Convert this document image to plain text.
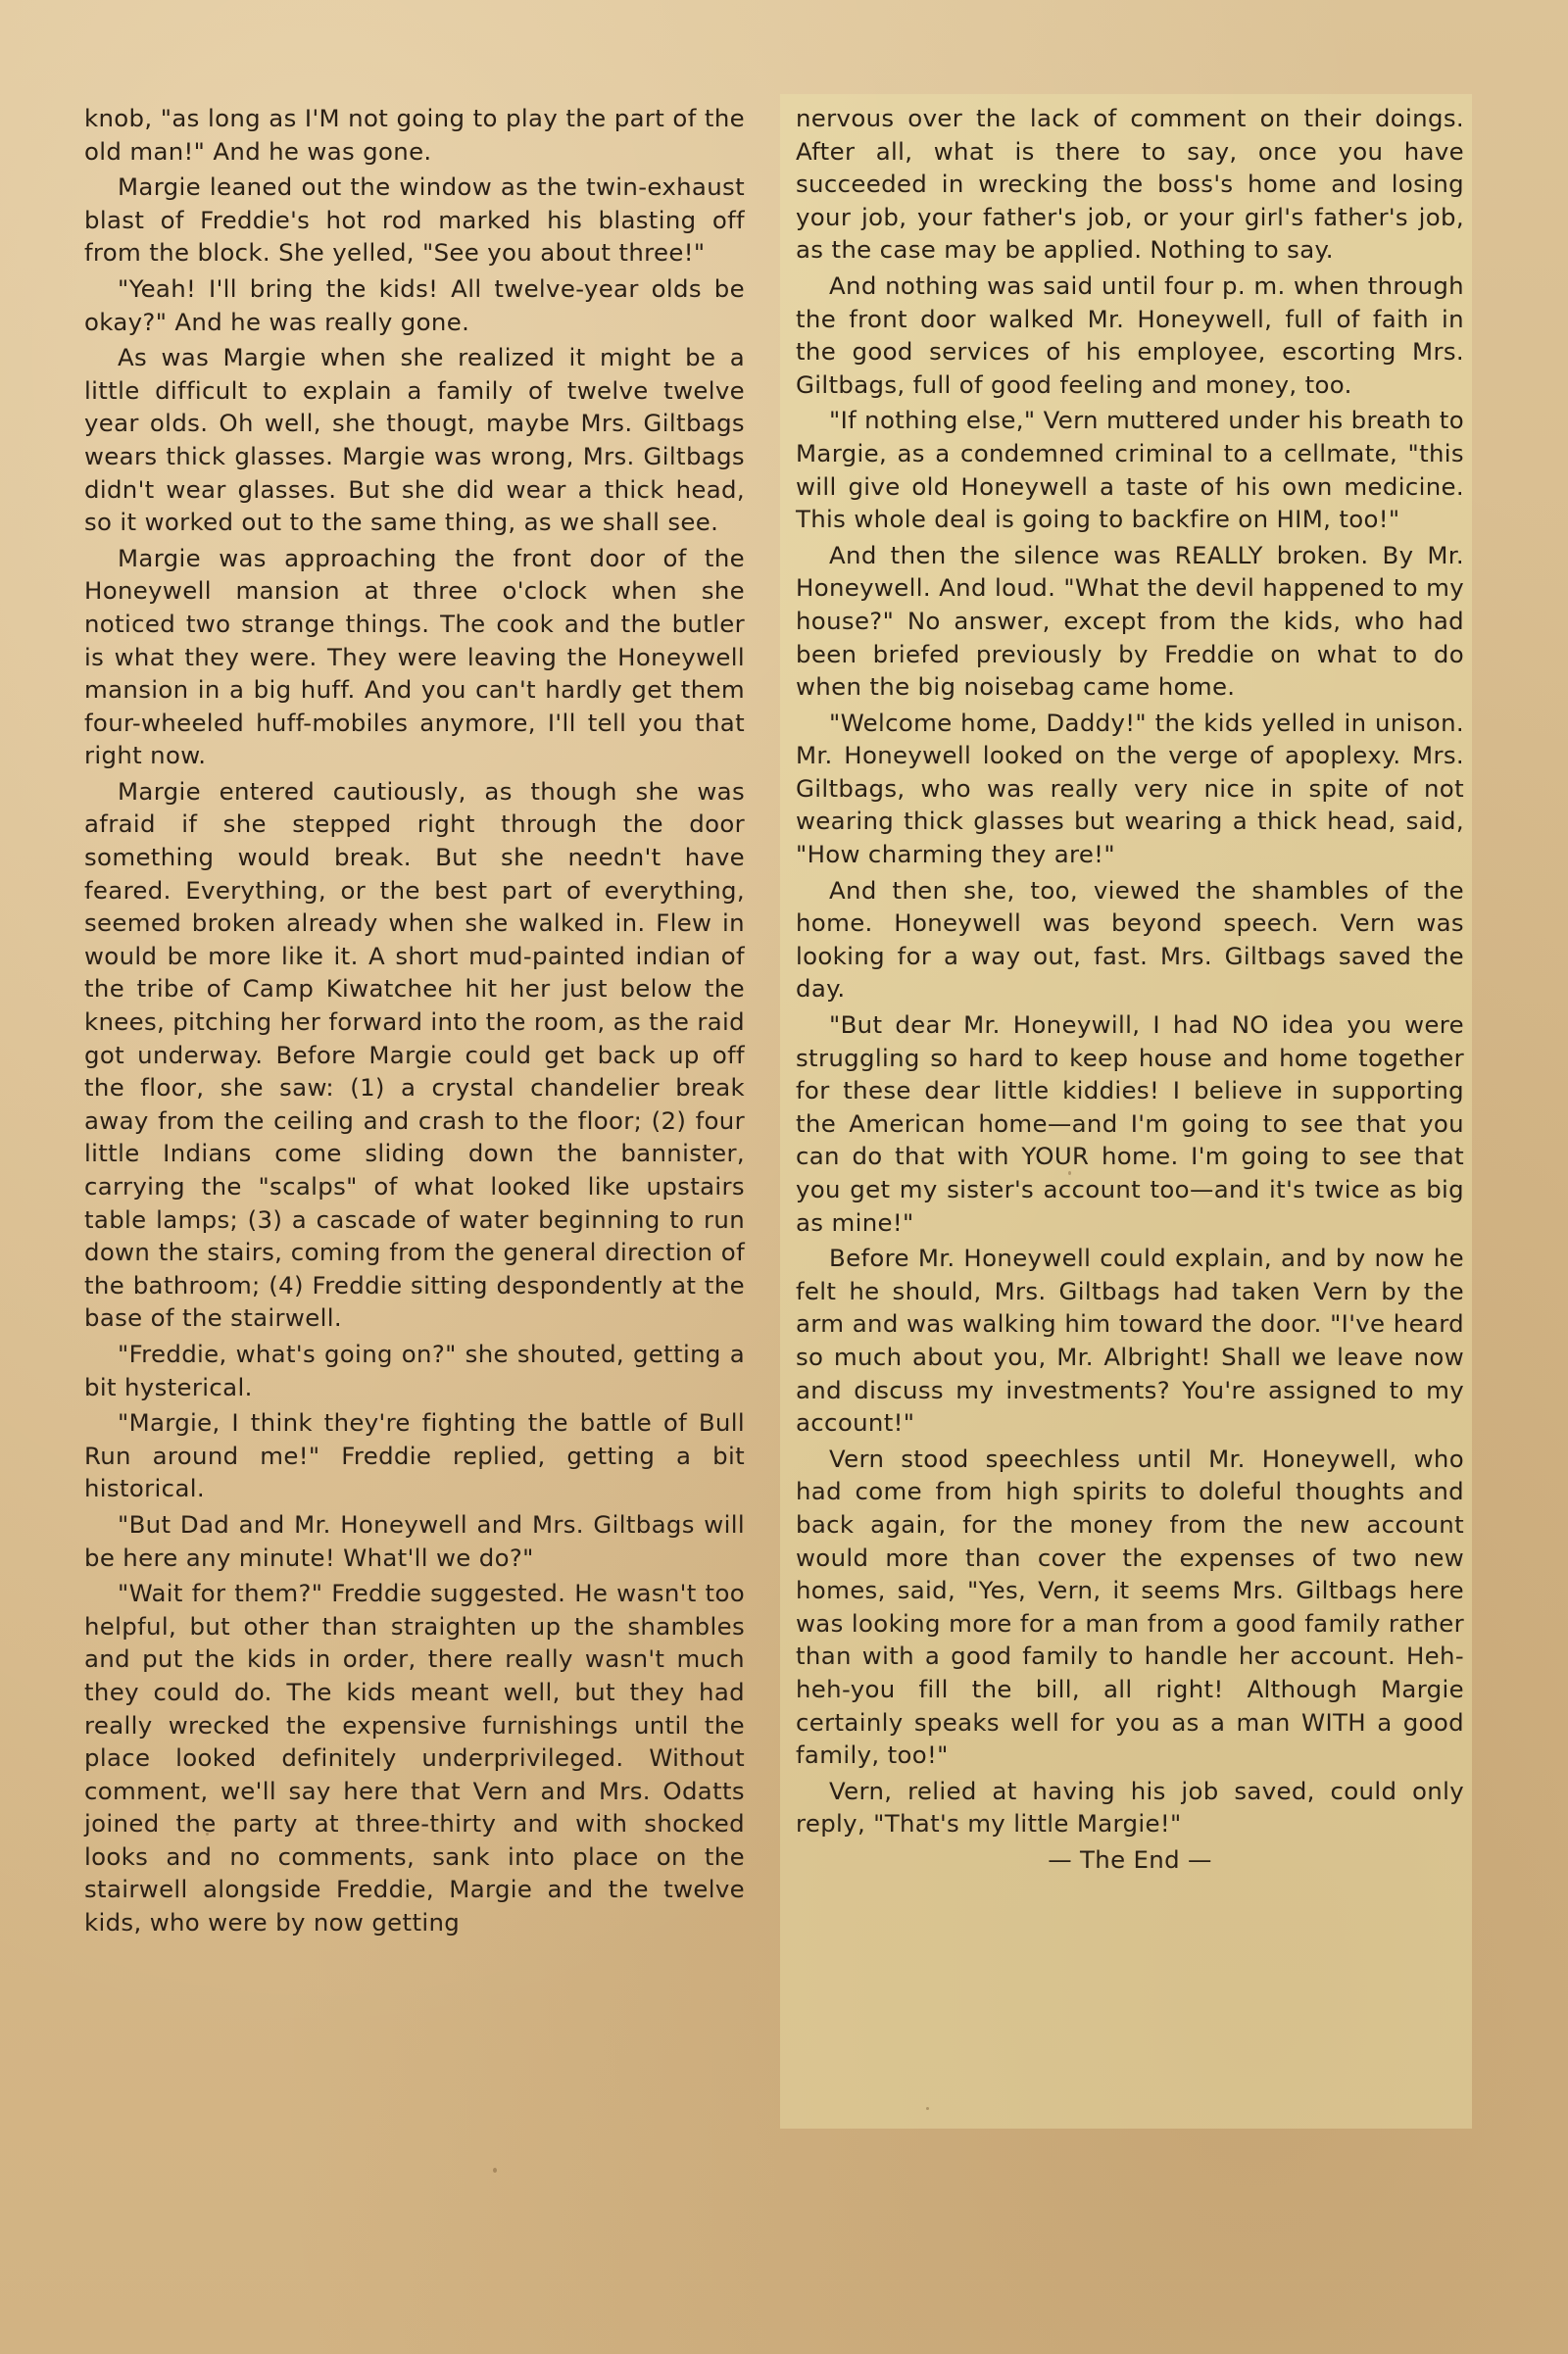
knob, "as long as I'M not going to play the part of the old man!" And he was gone.

Margie leaned out the window as the twin-exhaust blast of Freddie's hot rod marked his blasting off from the block. She yelled, "See you about three!"

"Yeah! I'll bring the kids! All twelve-year olds be okay?" And he was really gone.

As was Margie when she realized it might be a little difficult to explain a family of twelve twelve year olds. Oh well, she thougt, maybe Mrs. Giltbags wears thick glasses. Margie was wrong, Mrs. Giltbags didn't wear glasses. But she did wear a thick head, so it worked out to the same thing, as we shall see.

Margie was approaching the front door of the Honeywell mansion at three o'clock when she noticed two strange things. The cook and the butler is what they were. They were leaving the Honeywell mansion in a big huff. And you can't hardly get them four-wheeled huff-mobiles anymore, I'll tell you that right now.

Margie entered cautiously, as though she was afraid if she stepped right through the door something would break. But she needn't have feared. Everything, or the best part of everything, seemed broken already when she walked in. Flew in would be more like it. A short mud-painted indian of the tribe of Camp Kiwatchee hit her just below the knees, pitching her forward into the room, as the raid got underway. Before Margie could get back up off the floor, she saw: (1) a crystal chandelier break away from the ceiling and crash to the floor; (2) four little Indians come sliding down the bannister, carrying the "scalps" of what looked like upstairs table lamps; (3) a cascade of water beginning to run down the stairs, coming from the general direction of the bathroom; (4) Freddie sitting despondently at the base of the stairwell.

"Freddie, what's going on?" she shouted, getting a bit hysterical.

"Margie, I think they're fighting the battle of Bull Run around me!" Freddie replied, getting a bit historical.

"But Dad and Mr. Honeywell and Mrs. Giltbags will be here any minute! What'll we do?"

"Wait for them?" Freddie suggested. He wasn't too helpful, but other than straighten up the shambles and put the kids in order, there really wasn't much they could do. The kids meant well, but they had really wrecked the expensive furnishings until the place looked definitely underprivileged. Without comment, we'll say here that Vern and Mrs. Odatts joined the party at three-thirty and with shocked looks and no comments, sank into place on the stairwell alongside Freddie, Margie and the twelve kids, who were by now getting

nervous over the lack of comment on their doings. After all, what is there to say, once you have succeeded in wrecking the boss's home and losing your job, your father's job, or your girl's father's job, as the case may be applied. Nothing to say.

And nothing was said until four p. m. when through the front door walked Mr. Honeywell, full of faith in the good services of his employee, escorting Mrs. Giltbags, full of good feeling and money, too.

"If nothing else," Vern muttered under his breath to Margie, as a condemned criminal to a cellmate, "this will give old Honeywell a taste of his own medicine. This whole deal is going to backfire on HIM, too!"

And then the silence was REALLY broken. By Mr. Honeywell. And loud. "What the devil happened to my house?" No answer, except from the kids, who had been briefed previously by Freddie on what to do when the big noisebag came home.

"Welcome home, Daddy!" the kids yelled in unison. Mr. Honeywell looked on the verge of apoplexy. Mrs. Giltbags, who was really very nice in spite of not wearing thick glasses but wearing a thick head, said, "How charming they are!"

And then she, too, viewed the shambles of the home. Honeywell was beyond speech. Vern was looking for a way out, fast. Mrs. Giltbags saved the day.

"But dear Mr. Honeywill, I had NO idea you were struggling so hard to keep house and home together for these dear little kiddies! I believe in supporting the American home—and I'm going to see that you can do that with YOUR home. I'm going to see that you get my sister's account too—and it's twice as big as mine!"

Before Mr. Honeywell could explain, and by now he felt he should, Mrs. Giltbags had taken Vern by the arm and was walking him toward the door. "I've heard so much about you, Mr. Albright! Shall we leave now and discuss my investments? You're assigned to my account!"

Vern stood speechless until Mr. Honeywell, who had come from high spirits to doleful thoughts and back again, for the money from the new account would more than cover the expenses of two new homes, said, "Yes, Vern, it seems Mrs. Giltbags here was looking more for a man from a good family rather than with a good family to handle her account. Heh-heh-you fill the bill, all right! Although Margie certainly speaks well for you as a man WITH a good family, too!"

Vern, relied at having his job saved, could only reply, "That's my little Margie!"

— The End —
